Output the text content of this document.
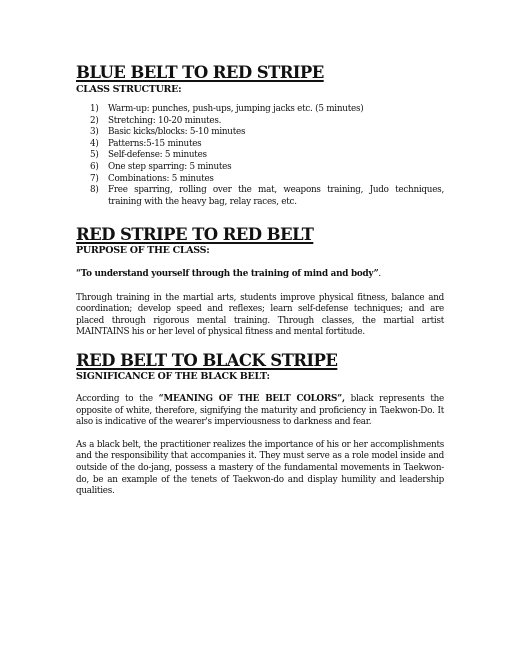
BLUE BELT TO RED STRIPE
CLASS STRUCTURE:
1)	Warm-up: punches, push-ups, jumping jacks etc. (5 minutes)
2)	Stretching: 10-20 minutes.
3)	Basic kicks/blocks: 5-10 minutes
4)	Patterns:5-15 minutes
5)	Self-defense: 5 minutes
6)	One step sparring: 5 minutes
7)	Combinations: 5 minutes
8)	Free sparring, rolling over the mat, weapons training, Judo techniques, training with the heavy bag, relay races, etc.
RED STRIPE TO RED BELT
PURPOSE OF THE CLASS:

“To understand yourself through the training of mind and body”.

Through training in the martial arts, students improve physical fitness, balance and coordination; develop speed and reflexes; learn self-defense techniques; and are placed through rigorous mental training. Through classes, the martial artist MAINTAINS his or her level of physical fitness and mental fortitude.

RED BELT TO BLACK STRIPE
SIGNIFICANCE OF THE BLACK BELT:

According to the “MEANING OF THE BELT COLORS”, black represents the opposite of white, therefore, signifying the maturity and proficiency in Taekwon-Do. It also is indicative of the wearer's imperviousness to darkness and fear.

As a black belt, the practitioner realizes the importance of his or her accomplishments and the responsibility that accompanies it. They must serve as a role model inside and outside of the do-jang, possess a mastery of the fundamental movements in Taekwon-do, be an example of the tenets of Taekwon-do and display humility and leadership qualities.
